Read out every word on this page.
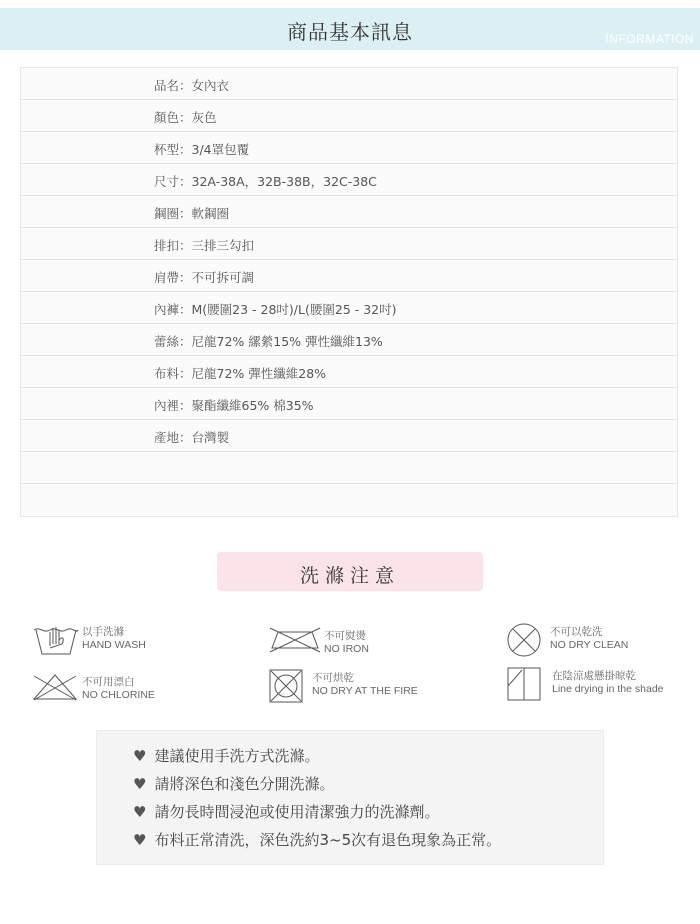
商品基本訊息	INFORMATION
品名：女內衣
顏色：灰色
杯型：3/4罩包覆
尺寸：32A-38A，32B-38B，32C-38C
鋼圈：軟鋼圈
排扣：三排三勾扣
肩帶：不可拆可調
內褲：M(腰圍23 - 28吋)/L(腰圍25 - 32吋)
蕾絲：尼龍72% 縲縈15% 彈性纖維13%
布料：尼龍72% 彈性纖維28%
內裡：聚酯纖維65% 棉35%
產地：台灣製
洗滌注意
以手洗滌
HAND WASH
不可熨燙
NO IRON
不可以乾洗
NO DRY CLEAN
不可用漂白
NO CHLORINE
不可烘乾
NO DRY AT THE FIRE
在陰涼處懸掛晾乾
Line drying in the shade
♥ 建議使用手洗方式洗滌。
♥ 請將深色和淺色分開洗滌。
♥ 請勿長時間浸泡或使用清潔強力的洗滌劑。
♥ 布料正常清洗，深色洗約3~5次有退色現象為正常。
